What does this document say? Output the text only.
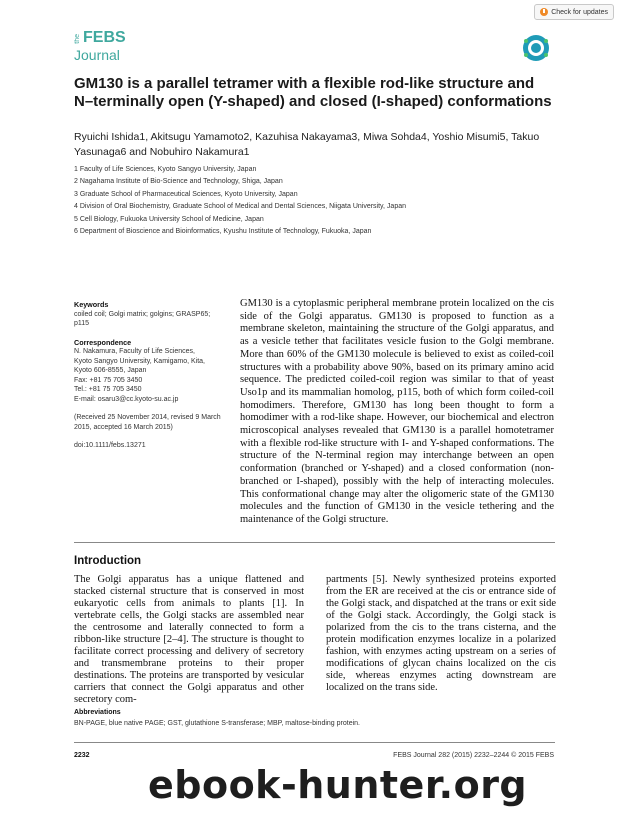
Check for updates
the FEBS
Journal
GM130 is a parallel tetramer with a flexible rod-like structure and N–terminally open (Y-shaped) and closed (I-shaped) conformations

Ryuichi Ishida1, Akitsugu Yamamoto2, Kazuhisa Nakayama3, Miwa Sohda4, Yoshio Misumi5, Takuo Yasunaga6 and Nobuhiro Nakamura1

1 Faculty of Life Sciences, Kyoto Sangyo University, Japan
2 Nagahama Institute of Bio-Science and Technology, Shiga, Japan
3 Graduate School of Pharmaceutical Sciences, Kyoto University, Japan
4 Division of Oral Biochemistry, Graduate School of Medical and Dental Sciences, Niigata University, Japan
5 Cell Biology, Fukuoka University School of Medicine, Japan
6 Department of Bioscience and Bioinformatics, Kyushu Institute of Technology, Fukuoka, Japan
Keywords

coiled coil; Golgi matrix; golgins; GRASP65; p115

Correspondence
N. Nakamura, Faculty of Life Sciences,
Kyoto Sangyo University, Kamigamo, Kita,
Kyoto 606-8555, Japan
Fax: +81 75 705 3450
Tel.: +81 75 705 3450
E-mail: osaru3@cc.kyoto-su.ac.jp

(Received 25 November 2014, revised 9 March 2015, accepted 16 March 2015)

doi:10.1111/febs.13271

GM130 is a cytoplasmic peripheral membrane protein localized on the cis side of the Golgi apparatus. GM130 is proposed to function as a membrane skeleton, maintaining the structure of the Golgi apparatus, and as a vesicle tether that facilitates vesicle fusion to the Golgi membrane. More than 60% of the GM130 molecule is believed to exist as coiled-coil structures with a probability above 90%, based on its primary amino acid sequence. The predicted coiled-coil region was similar to that of yeast Uso1p and its mammalian homolog, p115, both of which form coiled-coil homodimers. Therefore, GM130 has long been thought to form a homodimer with a rod-like shape. However, our biochemical and electron microscopical analyses revealed that GM130 is a parallel homotetramer with a flexible rod-like structure with I- and Y-shaped conformations. The structure of the N-terminal region may interchange between an open conformation (branched or Y-shaped) and a closed conformation (non-branched or I-shaped), possibly with the help of interacting molecules. This conformational change may alter the oligomeric state of the GM130 molecules and the function of GM130 in the vesicle tethering and the maintenance of the Golgi structure.

Introduction

The Golgi apparatus has a unique flattened and stacked cisternal structure that is conserved in most eukaryotic cells from animals to plants [1]. In vertebrate cells, the Golgi stacks are assembled near the centrosome and laterally connected to form a ribbon-like structure [2–4]. The structure is thought to facilitate correct processing and delivery of secretory and transmembrane proteins to their proper destinations. The proteins are transported by vesicular carriers that connect the Golgi apparatus and other secretory com-

partments [5]. Newly synthesized proteins exported from the ER are received at the cis or entrance side of the Golgi stack, and dispatched at the trans or exit side of the Golgi stack. Accordingly, the Golgi stack is polarized from the cis to the trans cisterna, and the protein modification enzymes localize in a polarized fashion, with enzymes acting upstream on a series of modifications of glycan chains localized on the cis side, whereas enzymes acting downstream are localized on the trans side.

Abbreviations

BN-PAGE, blue native PAGE; GST, glutathione S-transferase; MBP, maltose-binding protein.

2232	FEBS Journal 282 (2015) 2232–2244 © 2015 FEBS
ebook-hunter.org
